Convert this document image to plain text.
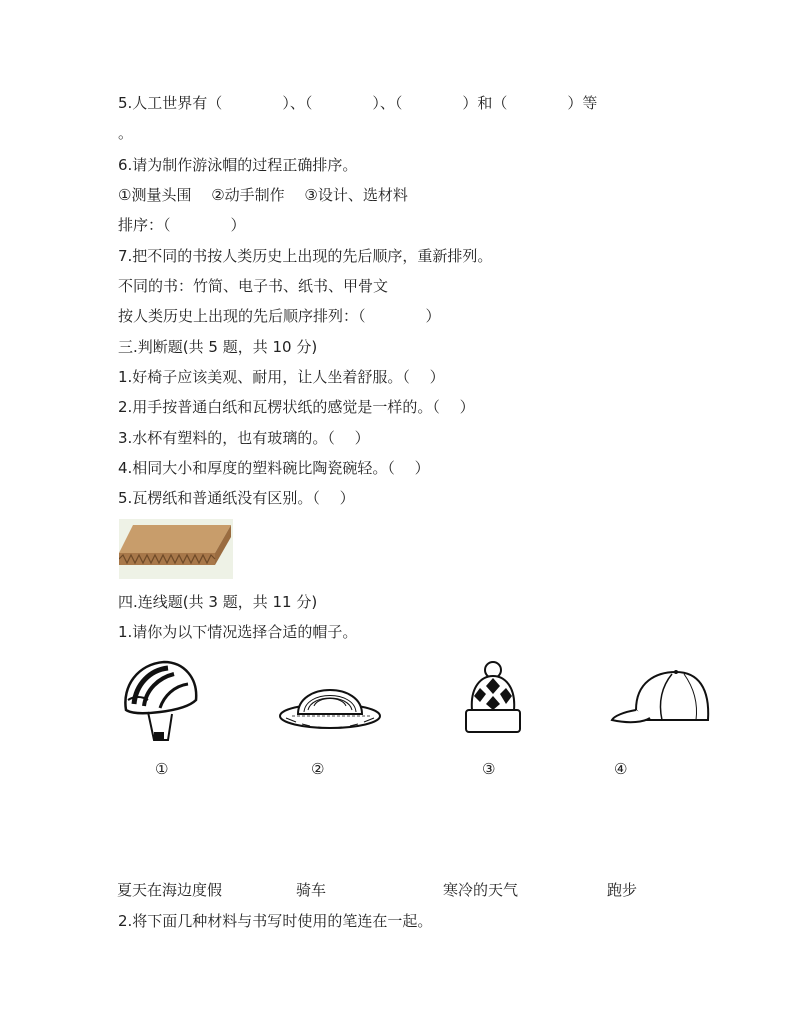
5.人工世界有（　　　　）、（　　　　）、（　　　　）和（　　　　）等
。
6.请为制作游泳帽的过程正确排序。
①测量头围　 ②动手制作　 ③设计、选材料
排序：（　　　　）
7.把不同的书按人类历史上出现的先后顺序，重新排列。
不同的书：竹简、电子书、纸书、甲骨文
按人类历史上出现的先后顺序排列：（　　　　）
三.判断题(共 5 题，共 10 分)
1.好椅子应该美观、耐用，让人坐着舒服。（　 ）
2.用手按普通白纸和瓦楞状纸的感觉是一样的。（　 ）
3.水杯有塑料的，也有玻璃的。（　 ）
4.相同大小和厚度的塑料碗比陶瓷碗轻。（　 ）
5.瓦楞纸和普通纸没有区别。（　 ）
四.连线题(共 3 题，共 11 分)
1.请你为以下情况选择合适的帽子。
①	②	③	④
夏天在海边度假	骑车	寒冷的天气	跑步
2.将下面几种材料与书写时使用的笔连在一起。
